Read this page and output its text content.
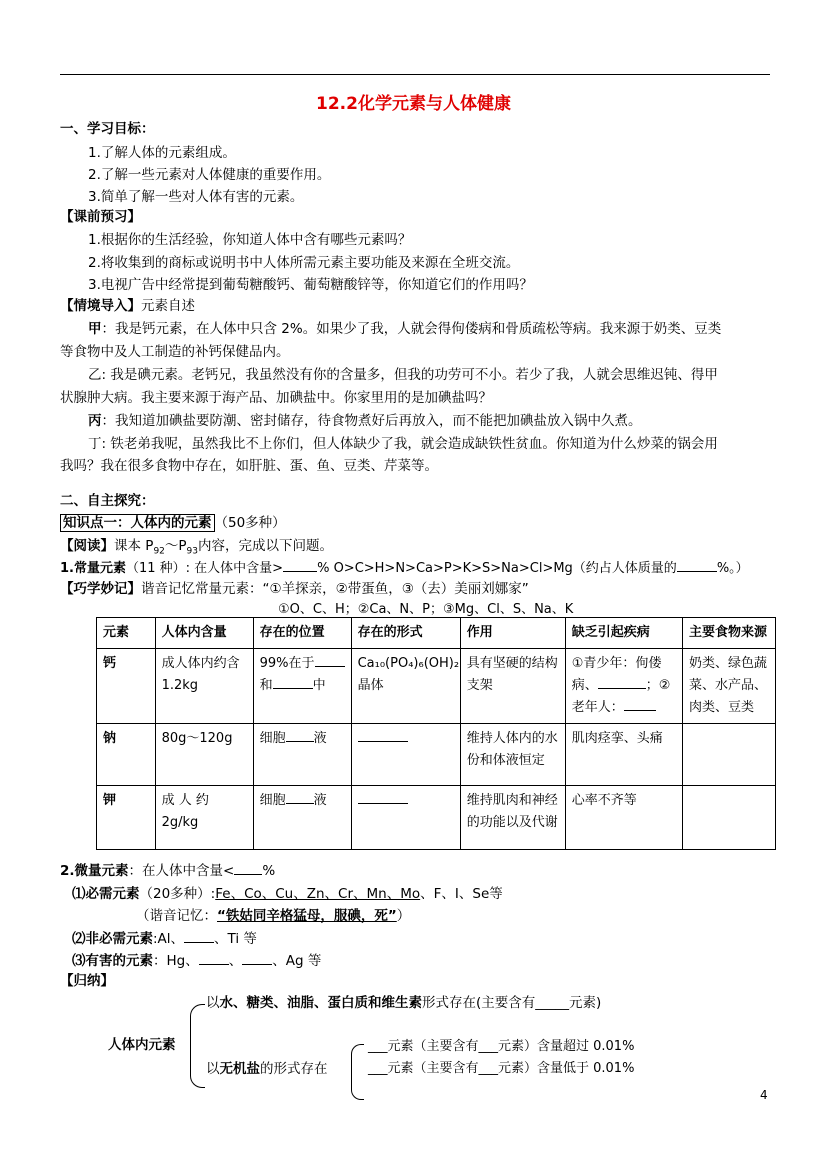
12.2化学元素与人体健康
一、学习目标：
1.了解人体的元素组成。
2.了解一些元素对人体健康的重要作用。
3.简单了解一些对人体有害的元素。
【课前预习】
1.根据你的生活经验，你知道人体中含有哪些元素吗？
2.将收集到的商标或说明书中人体所需元素主要功能及来源在全班交流。
3.电视广告中经常提到葡萄糖酸钙、葡萄糖酸锌等，你知道它们的作用吗？
【情境导入】元素自述
甲：我是钙元素，在人体中只含 2%。如果少了我，人就会得佝偻病和骨质疏松等病。我来源于奶类、豆类
等食物中及人工制造的补钙保健品内。
乙: 我是碘元素。老钙兄，我虽然没有你的含量多，但我的功劳可不小。若少了我，人就会思维迟钝、得甲
状腺肿大病。我主要来源于海产品、加碘盐中。你家里用的是加碘盐吗？
丙：我知道加碘盐要防潮、密封储存，待食物煮好后再放入，而不能把加碘盐放入锅中久煮。
丁: 铁老弟我呢，虽然我比不上你们，但人体缺少了我，就会造成缺铁性贫血。你知道为什么炒菜的锅会用
我吗？我在很多食物中存在，如肝脏、蛋、鱼、豆类、芹菜等。
二、自主探究：
知识点一：人体内的元素 （50多种）
【阅读】课本 $P_{92}\sim P_{93}$内容，完成以下问题。
1.常量元素（11 种）: 在人体中含量>	% O>C>H>N>Ca>P>K>S>Na>Cl>Mg（约占人体质量的	%。）
【巧学妙记】谐音记忆常量元素：“①羊探亲，②带蛋鱼，③（去）美丽刘娜家”
①O、C、H；②Ca、N、P；③Mg、Cl、S、Na、K
元素	人体内含量	存在的位置	存在的形式	作用	缺乏引起疾病	主要食物来源
钙	成人体内约含1.2kg	99%在于
和 中	Ca₁₀(PO₄)₆(OH)₂晶体	具有坚硬的结构支架	①青少年：佝偻病、 ；②老年人：	奶类、绿色蔬菜、水产品、肉类、豆类
钠	80g～120g	细胞 液		维持人体内的水份和体液恒定	肌肉痉挛、头痛	
钾	成 人 约 2g/kg	细胞 液		维持肌肉和神经的功能以及代谢	心率不齐等	
2.微量元素：在人体中含量< %
⑴必需元素（20多种）:Fe、Co、Cu、Zn、Cr、Mn、Mo、F、I、Se等
（谐音记忆：“铁姑同辛格猛母，服碘，死”）
⑵非必需元素:Al、 、Ti 等
⑶有害的元素：Hg、 、 、Ag 等
【归纳】
人体内元素
以水、糖类、油脂、蛋白质和维生素形式存在(主要含有_____元素)
以无机盐的形式存在
___元素（主要含有___元素）含量超过 0.01%
___元素（主要含有___元素）含量低于 0.01%
4
